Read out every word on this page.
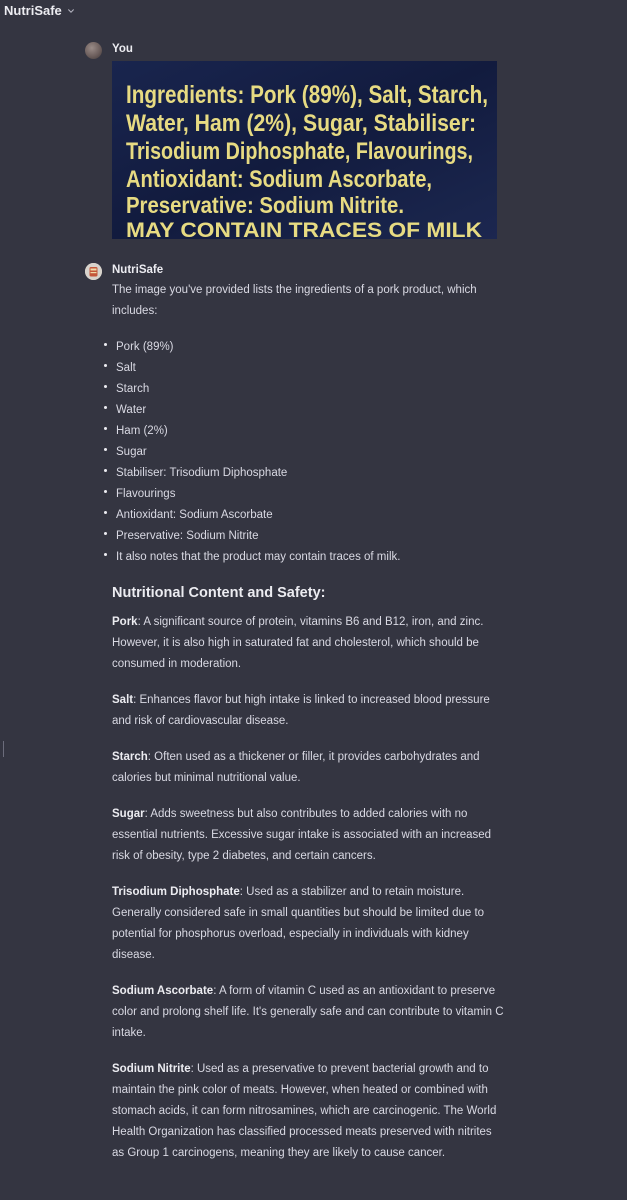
NutriSafe
You
Ingredients: Pork (89%), Salt, Starch,
Water, Ham (2%), Sugar, Stabiliser:
Trisodium Diphosphate, Flavourings,
Antioxidant: Sodium Ascorbate,
Preservative: Sodium Nitrite.
MAY CONTAIN TRACES OF MILK
NutriSafe

The image you've provided lists the ingredients of a pork product, which includes:

Pork (89%)
Salt
Starch
Water
Ham (2%)
Sugar
Stabiliser: Trisodium Diphosphate
Flavourings
Antioxidant: Sodium Ascorbate
Preservative: Sodium Nitrite
It also notes that the product may contain traces of milk.
Nutritional Content and Safety:

Pork: A significant source of protein, vitamins B6 and B12, iron, and zinc. However, it is also high in saturated fat and cholesterol, which should be consumed in moderation.

Salt: Enhances flavor but high intake is linked to increased blood pressure and risk of cardiovascular disease.

Starch: Often used as a thickener or filler, it provides carbohydrates and calories but minimal nutritional value.

Sugar: Adds sweetness but also contributes to added calories with no essential nutrients. Excessive sugar intake is associated with an increased risk of obesity, type 2 diabetes, and certain cancers.

Trisodium Diphosphate: Used as a stabilizer and to retain moisture. Generally considered safe in small quantities but should be limited due to potential for phosphorus overload, especially in individuals with kidney disease.

Sodium Ascorbate: A form of vitamin C used as an antioxidant to preserve color and prolong shelf life. It's generally safe and can contribute to vitamin C intake.

Sodium Nitrite: Used as a preservative to prevent bacterial growth and to maintain the pink color of meats. However, when heated or combined with stomach acids, it can form nitrosamines, which are carcinogenic. The World Health Organization has classified processed meats preserved with nitrites as Group 1 carcinogens, meaning they are likely to cause cancer.
